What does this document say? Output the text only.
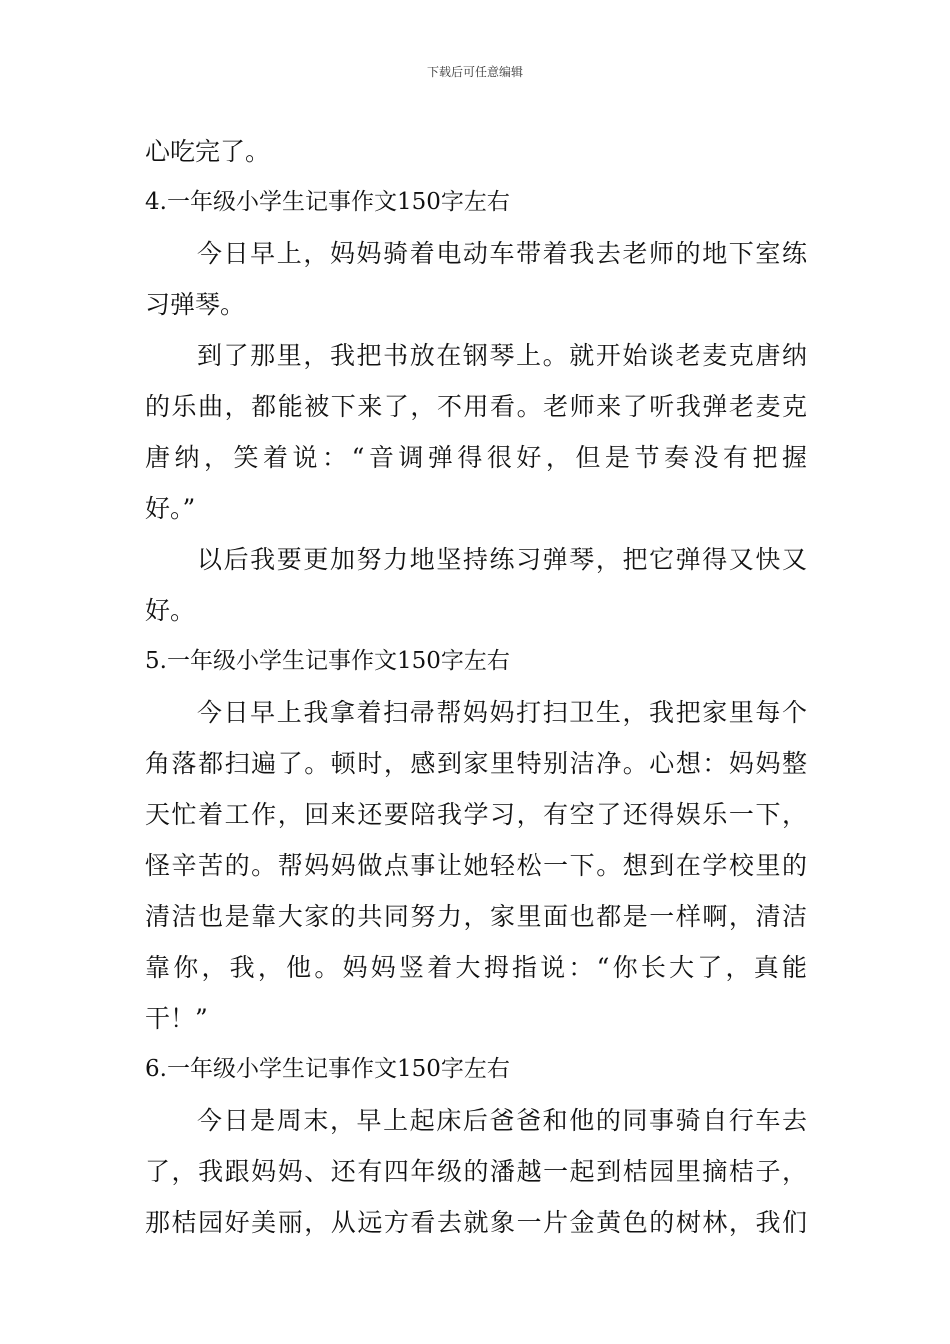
下载后可任意编辑
心吃完了。
4.一年级小学生记事作文150字左右
今日早上，妈妈骑着电动车带着我去老师的地下室练
习弹琴。
到了那里，我把书放在钢琴上。就开始谈老麦克唐纳
的乐曲，都能被下来了，不用看。老师来了听我弹老麦克
唐纳，笑着说：“音调弹得很好，但是节奏没有把握
好。”
以后我要更加努力地坚持练习弹琴，把它弹得又快又
好。
5.一年级小学生记事作文150字左右
今日早上我拿着扫帚帮妈妈打扫卫生，我把家里每个
角落都扫遍了。顿时，感到家里特别洁净。心想：妈妈整
天忙着工作，回来还要陪我学习，有空了还得娱乐一下，
怪辛苦的。帮妈妈做点事让她轻松一下。想到在学校里的
清洁也是靠大家的共同努力，家里面也都是一样啊，清洁
靠你，我，他。妈妈竖着大拇指说：“你长大了，真能
干！”
6.一年级小学生记事作文150字左右
今日是周末，早上起床后爸爸和他的同事骑自行车去
了，我跟妈妈、还有四年级的潘越一起到桔园里摘桔子，
那桔园好美丽，从远方看去就象一片金黄色的树林，我们
